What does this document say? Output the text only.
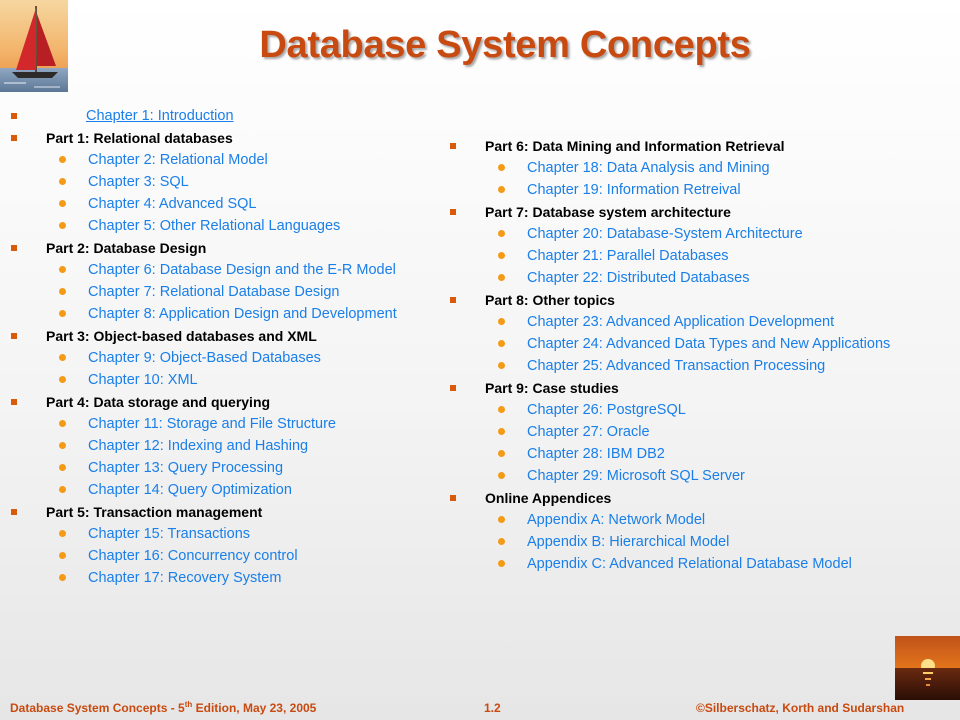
Database System Concepts
Chapter 1: Introduction
Part 1: Relational databases
Chapter 2: Relational Model
Chapter 3: SQL
Chapter 4: Advanced SQL
Chapter 5: Other Relational Languages
Part 2: Database Design
Chapter 6: Database Design and the E-R Model
Chapter 7: Relational Database Design
Chapter 8: Application Design and Development
Part 3: Object-based databases and XML
Chapter 9: Object-Based Databases
Chapter 10: XML
Part 4: Data storage and querying
Chapter 11: Storage and File Structure
Chapter 12: Indexing and Hashing
Chapter 13: Query Processing
Chapter 14: Query Optimization
Part 5: Transaction management
Chapter 15: Transactions
Chapter 16: Concurrency control
Chapter 17: Recovery System
Part 6: Data Mining and Information Retrieval
Chapter 18: Data Analysis and Mining
Chapter 19: Information Retreival
Part 7: Database system architecture
Chapter 20: Database-System Architecture
Chapter 21: Parallel Databases
Chapter 22: Distributed Databases
Part 8: Other topics
Chapter 23: Advanced Application Development
Chapter 24: Advanced Data Types and New Applications
Chapter 25: Advanced Transaction Processing
Part 9: Case studies
Chapter 26: PostgreSQL
Chapter 27: Oracle
Chapter 28: IBM DB2
Chapter 29: Microsoft SQL Server
Online Appendices
Appendix A: Network Model
Appendix B: Hierarchical Model
Appendix C: Advanced Relational Database Model
Database System Concepts - 5th Edition, May 23, 2005	1.2	©Silberschatz, Korth and Sudarshan
